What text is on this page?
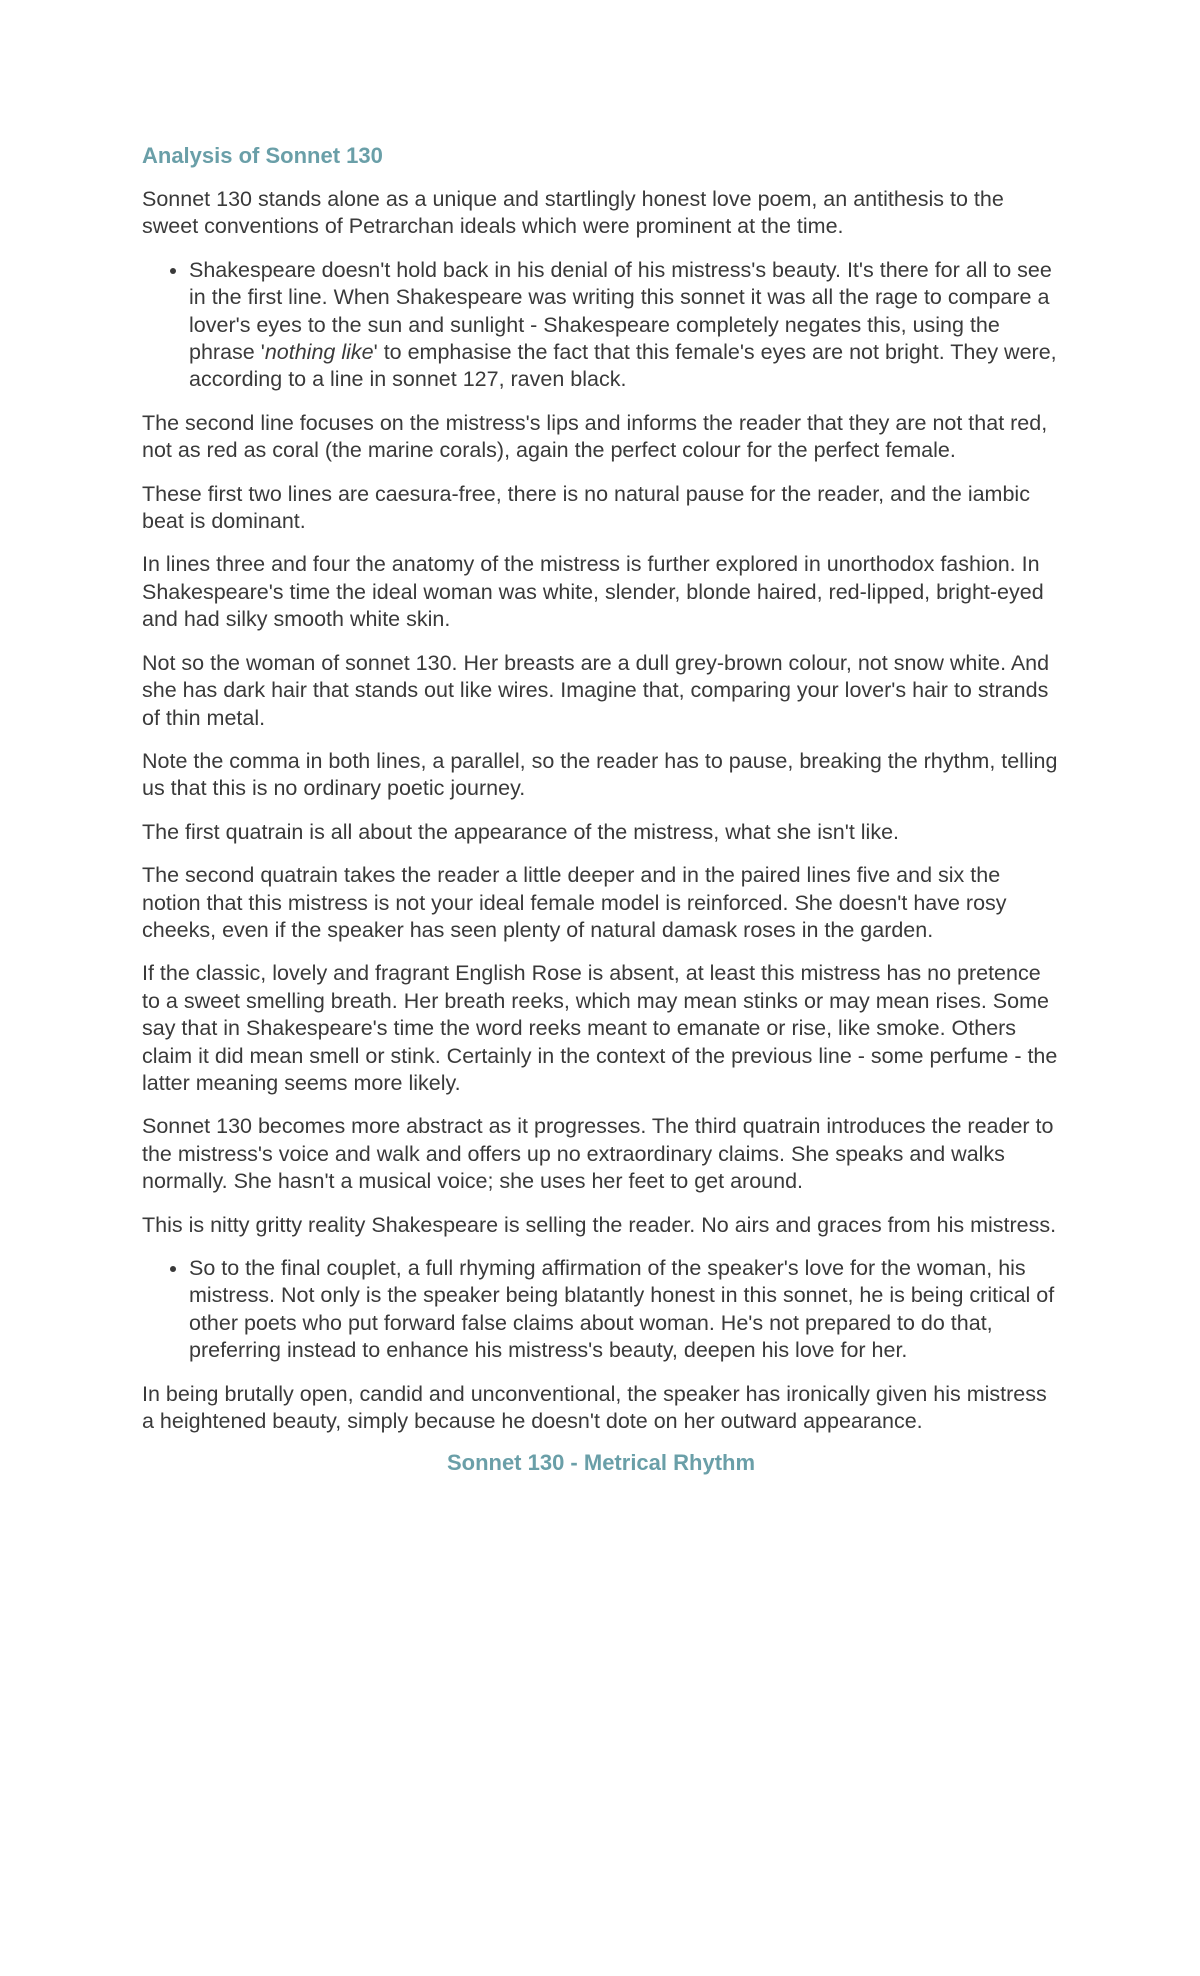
Analysis of Sonnet 130

Sonnet 130 stands alone as a unique and startlingly honest love poem, an antithesis to the sweet conventions of Petrarchan ideals which were prominent at the time.

• Shakespeare doesn't hold back in his denial of his mistress's beauty. It's there for all to see in the first line. When Shakespeare was writing this sonnet it was all the rage to compare a lover's eyes to the sun and sunlight - Shakespeare completely negates this, using the phrase 'nothing like' to emphasise the fact that this female's eyes are not bright. They were, according to a line in sonnet 127, raven black.

The second line focuses on the mistress's lips and informs the reader that they are not that red, not as red as coral (the marine corals), again the perfect colour for the perfect female.

These first two lines are caesura-free, there is no natural pause for the reader, and the iambic beat is dominant.

In lines three and four the anatomy of the mistress is further explored in unorthodox fashion. In Shakespeare's time the ideal woman was white, slender, blonde haired, red-lipped, bright-eyed and had silky smooth white skin.

Not so the woman of sonnet 130. Her breasts are a dull grey-brown colour, not snow white. And she has dark hair that stands out like wires. Imagine that, comparing your lover's hair to strands of thin metal.

Note the comma in both lines, a parallel, so the reader has to pause, breaking the rhythm, telling us that this is no ordinary poetic journey.

The first quatrain is all about the appearance of the mistress, what she isn't like.

The second quatrain takes the reader a little deeper and in the paired lines five and six the notion that this mistress is not your ideal female model is reinforced. She doesn't have rosy cheeks, even if the speaker has seen plenty of natural damask roses in the garden.

If the classic, lovely and fragrant English Rose is absent, at least this mistress has no pretence to a sweet smelling breath. Her breath reeks, which may mean stinks or may mean rises. Some say that in Shakespeare's time the word reeks meant to emanate or rise, like smoke. Others claim it did mean smell or stink. Certainly in the context of the previous line - some perfume - the latter meaning seems more likely.

Sonnet 130 becomes more abstract as it progresses. The third quatrain introduces the reader to the mistress's voice and walk and offers up no extraordinary claims. She speaks and walks normally. She hasn't a musical voice; she uses her feet to get around.

This is nitty gritty reality Shakespeare is selling the reader. No airs and graces from his mistress.

• So to the final couplet, a full rhyming affirmation of the speaker's love for the woman, his mistress. Not only is the speaker being blatantly honest in this sonnet, he is being critical of other poets who put forward false claims about woman. He's not prepared to do that, preferring instead to enhance his mistress's beauty, deepen his love for her.

In being brutally open, candid and unconventional, the speaker has ironically given his mistress a heightened beauty, simply because he doesn't dote on her outward appearance.

Sonnet 130 - Metrical Rhythm
